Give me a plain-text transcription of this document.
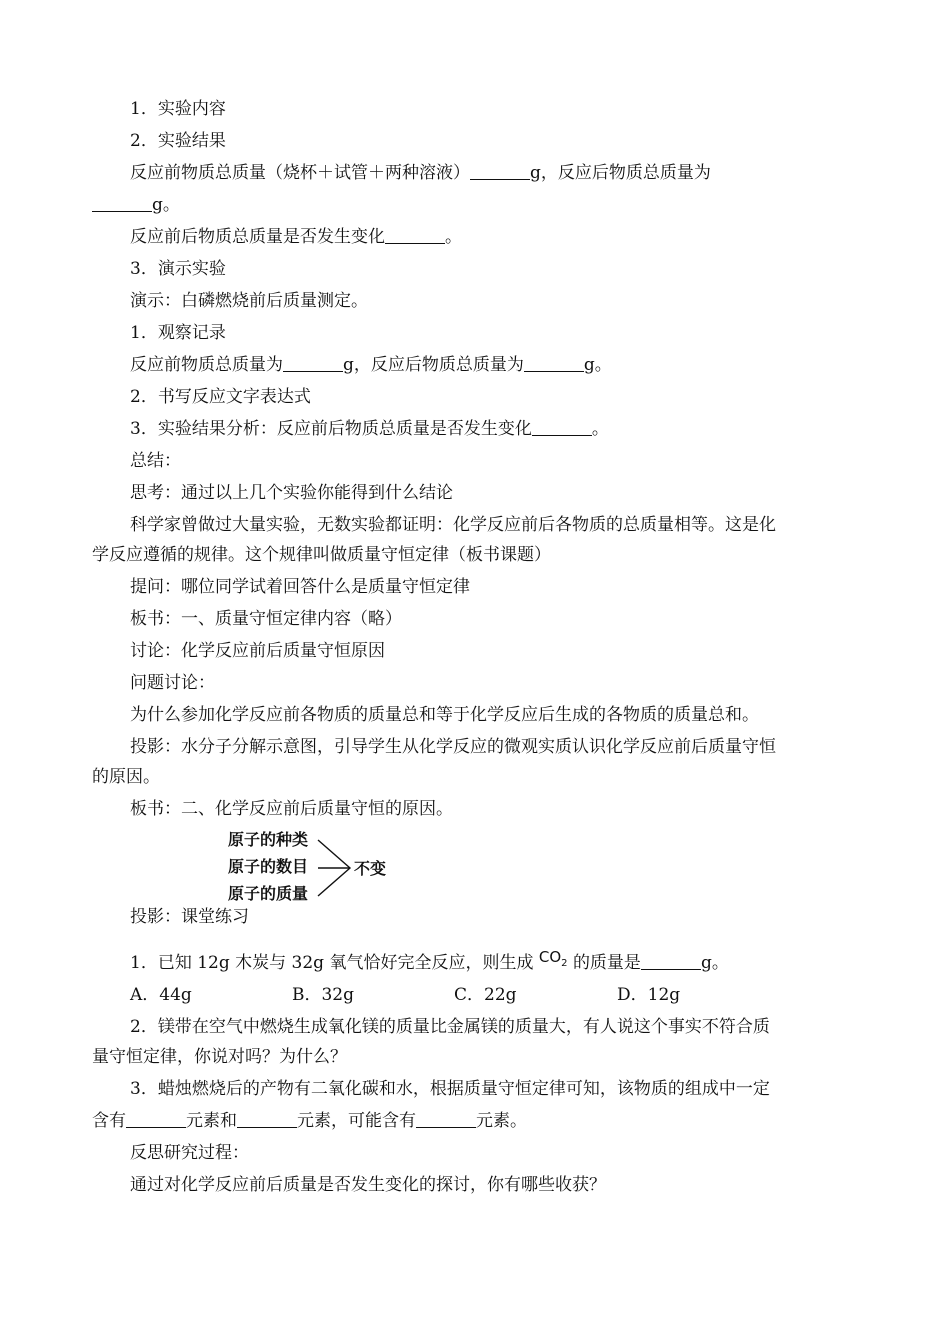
1．实验内容
2．实验结果
反应前物质总质量（烧杯＋试管＋两种溶液）	g，反应后物质总质量为
g。
反应前后物质总质量是否发生变化	。
3．演示实验
演示：白磷燃烧前后质量测定。
1．观察记录
反应前物质总质量为	g，反应后物质总质量为	g。
2．书写反应文字表达式
3．实验结果分析：反应前后物质总质量是否发生变化	。
总结：
思考：通过以上几个实验你能得到什么结论
科学家曾做过大量实验，无数实验都证明：化学反应前后各物质的总质量相等。这是化
学反应遵循的规律。这个规律叫做质量守恒定律（板书课题）
提问：哪位同学试着回答什么是质量守恒定律
板书：一、质量守恒定律内容（略）
讨论：化学反应前后质量守恒原因
问题讨论：
为什么参加化学反应前各物质的质量总和等于化学反应后生成的各物质的质量总和。
投影：水分子分解示意图，引导学生从化学反应的微观实质认识化学反应前后质量守恒
的原因。
板书：二、化学反应前后质量守恒的原因。
原子的种类
原子的数目
原子的质量
不变
投影：课堂练习
1．已知 12g 木炭与 32g 氧气恰好完全反应，则生成 $CO_2$ 的质量是	g。
A．44g	B．32g	C．22g	D．12g
2．镁带在空气中燃烧生成氧化镁的质量比金属镁的质量大，有人说这个事实不符合质
量守恒定律，你说对吗？为什么？
3．蜡烛燃烧后的产物有二氧化碳和水，根据质量守恒定律可知，该物质的组成中一定
含有	元素和	元素，可能含有	元素。
反思研究过程：
通过对化学反应前后质量是否发生变化的探讨，你有哪些收获？
